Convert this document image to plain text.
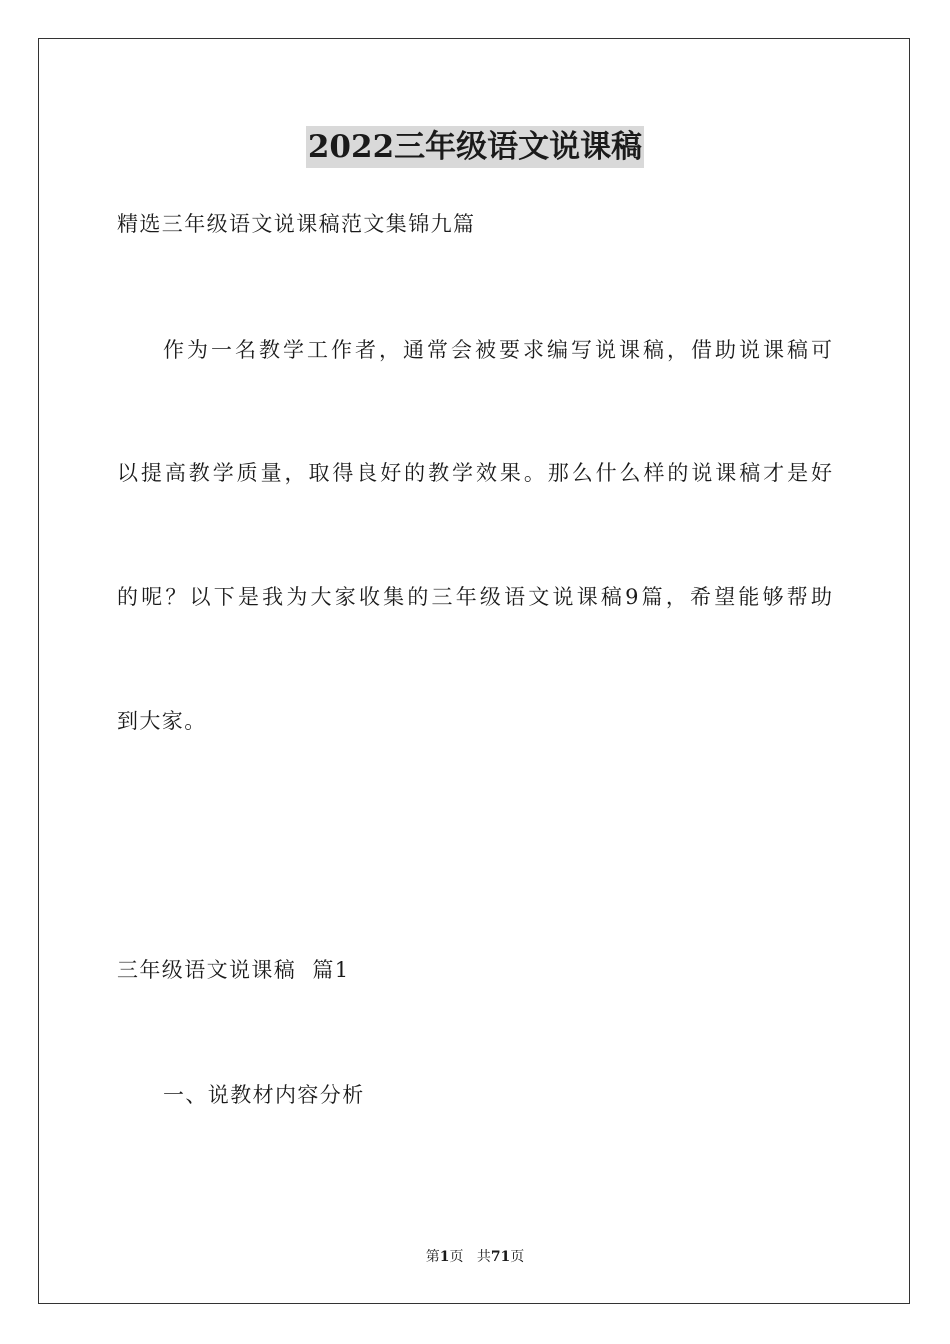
2022三年级语文说课稿
精选三年级语文说课稿范文集锦九篇
作为一名教学工作者，通常会被要求编写说课稿，借助说课稿可
以提高教学质量，取得良好的教学效果。那么什么样的说课稿才是好
的呢？以下是我为大家收集的三年级语文说课稿9篇，希望能够帮助
到大家。
三年级语文说课稿  篇1
一、说教材内容分析
第1页 共71页
